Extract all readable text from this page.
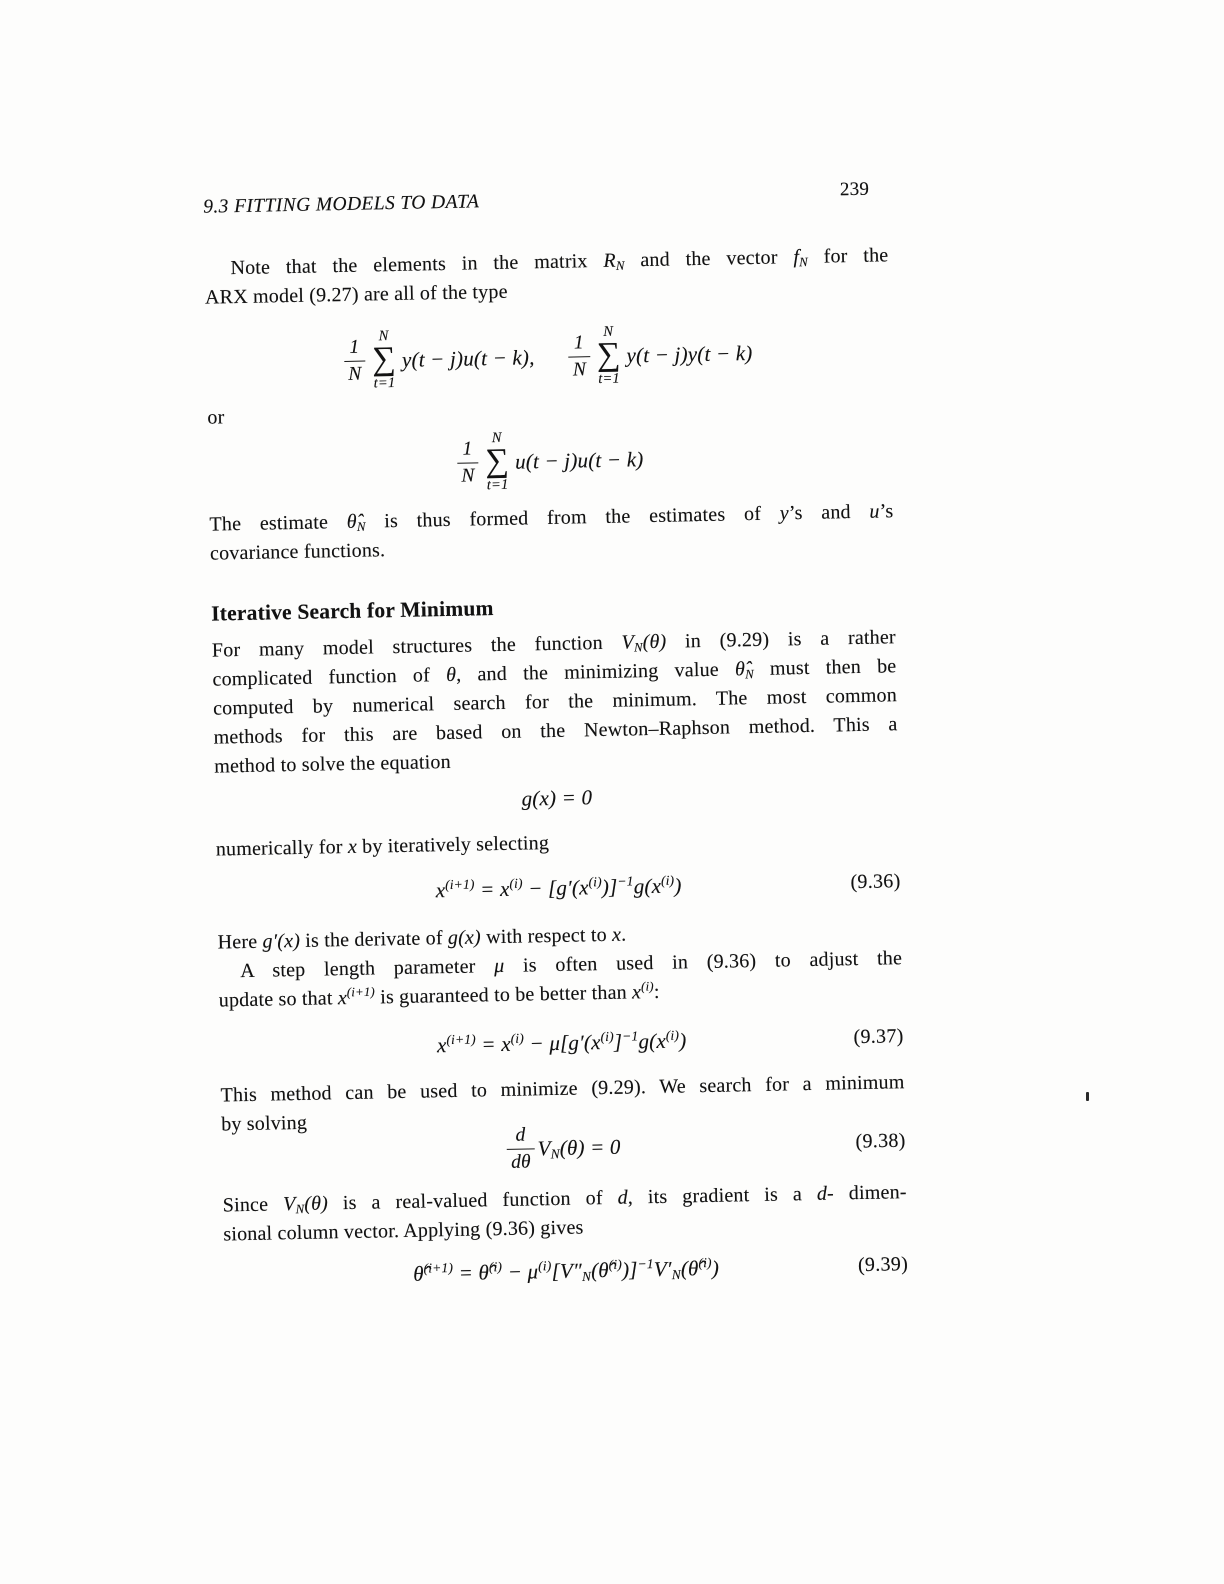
9.3 FITTING MODELS TO DATA
239
Note that the elements in the matrix $R_N$ and the vector $f_N$ for the
ARX model (9.27) are all of the type
$\frac{1}{N}$
N
∑
t=1
y(t − j)u(t − k), $\frac{1}{N}$
N
∑
t=1
y(t − j)y(t − k)
or
$\frac{1}{N}$
N
∑
t=1
u(t − j)u(t − k)
The estimate $\thetâ_N$ is thus formed from the estimates of y’s and u’s
covariance functions.
Iterative Search for Minimum
For many model structures the function $V_N(\theta)$ in (9.29) is a rather
complicated function of θ, and the minimizing value $\thetâ_N$ must then be
computed by numerical search for the minimum. The most common
methods for this are based on the Newton–Raphson method. This a
method to solve the equation
g(x) = 0
numerically for x by iteratively selecting
$x^{(i+1)} = x^{(i)} - [g'(x^{(i)})]^{-1}g(x^{(i)})$	(9.36)
Here g′(x) is the derivate of g(x) with respect to x.
A step length parameter μ is often used in (9.36) to adjust the
update so that $x^{(i+1)}$ is guaranteed to be better than $x^{(i)}$:
$x^{(i+1)} = x^{(i)} - \mu[g'(x^{(i)}]^{-1}g(x^{(i)})$	(9.37)
This method can be used to minimize (9.29). We search for a minimum
by solving
$\frac{d}{d\theta} V_N(\theta) = 0$	(9.38)
Since $V_N(\theta)$ is a real-valued function of d, its gradient is a d- dimen-
sional column vector. Applying (9.36) gives
θ̂$^{(i+1)}$ = θ̂$^{(i)}$ − $\mu^{(i)}[V''_N(\thetâ^{(i)})]^{-1}V'_N(\thetâ^{(i)})$	(9.39)
